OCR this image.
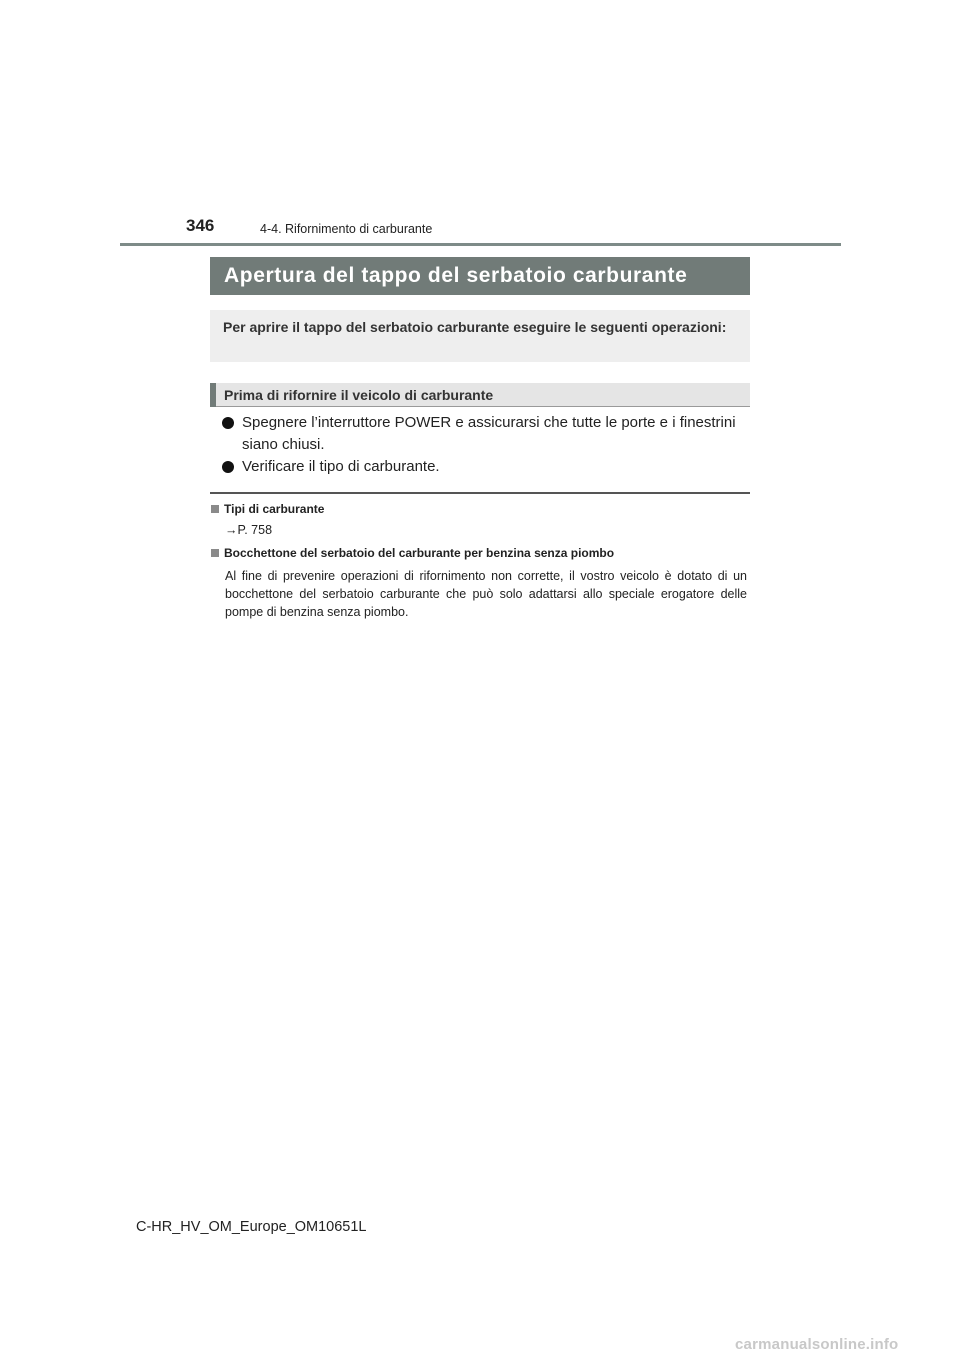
346	4-4. Rifornimento di carburante
Apertura del tappo del serbatoio carburante

Per aprire il tappo del serbatoio carburante eseguire le seguenti operazioni:

Prima di rifornire il veicolo di carburante
Spegnere l’interruttore POWER e assicurarsi che tutte le porte e i finestrini siano chiusi.
Verificare il tipo di carburante.
Tipi di carburante
→P. 758
Bocchettone del serbatoio del carburante per benzina senza piombo

Al fine di prevenire operazioni di rifornimento non corrette, il vostro veicolo è dotato di un bocchettone del serbatoio carburante che può solo adattarsi allo speciale erogatore delle pompe di benzina senza piombo.

C-HR_HV_OM_Europe_OM10651L
carmanualsonline.info
